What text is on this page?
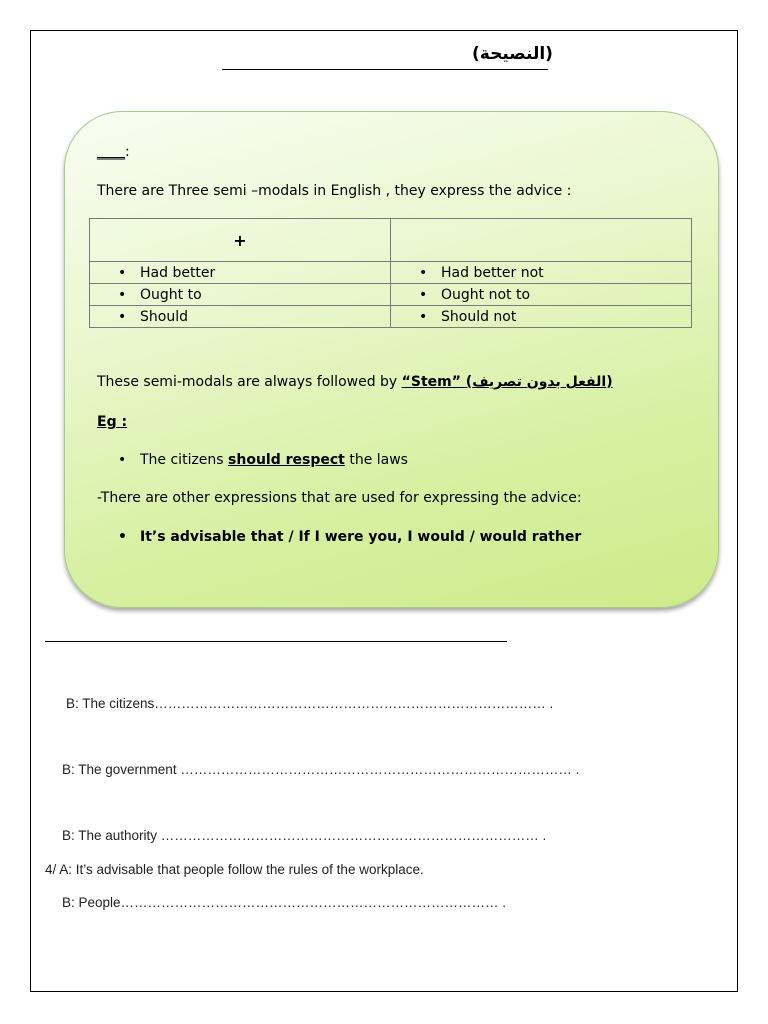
(النصيحة)
____:
There are Three semi –modals in English , they express the advice :
+	
• Had better	• Had better not
• Ought to	• Ought not to
• Should	• Should not
These semi-modals are always followed by “Stem” (الفعل بدون تصريف)
Eg :
• The citizens should respect the laws
-There are other expressions that are used for expressing the advice:
• It’s advisable that / If I were you, I would / would rather
B: The citizens…………………………………………………………………………… .
B: The government …………………………………………………………………………… .
B: The authority ………………………………………………………………………… .
4/ A: It’s advisable that people follow the rules of the workplace.
B: People………………………………………………………………………… .
